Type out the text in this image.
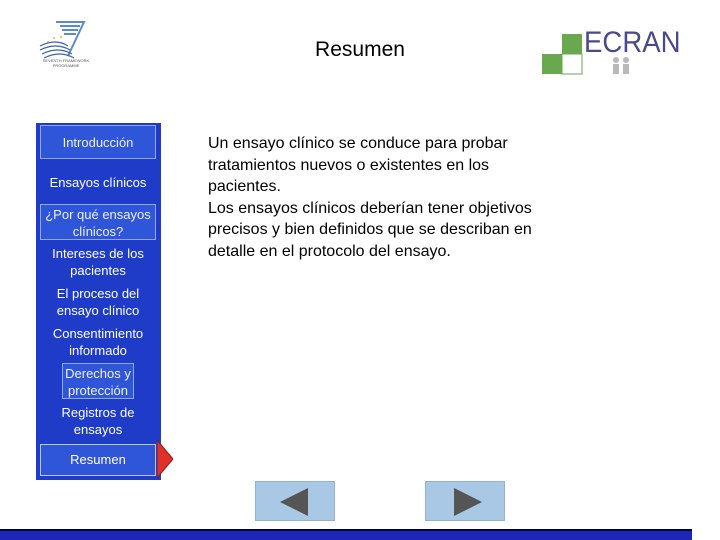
SEVENTH FRAMEWORK PROGRAMME
Resumen	ECRAN
Introducción
Ensayos clínicos
¿Por qué ensayos clínicos?
Intereses de los pacientes
El proceso del ensayo clínico
Consentimiento informado
Derechos y protección
Registros de ensayos
Resumen

Un ensayo clínico se conduce para probar tratamientos nuevos o existentes en los pacientes.

Los ensayos clínicos deberían tener objetivos precisos y bien definidos que se describan en detalle en el protocolo del ensayo.
